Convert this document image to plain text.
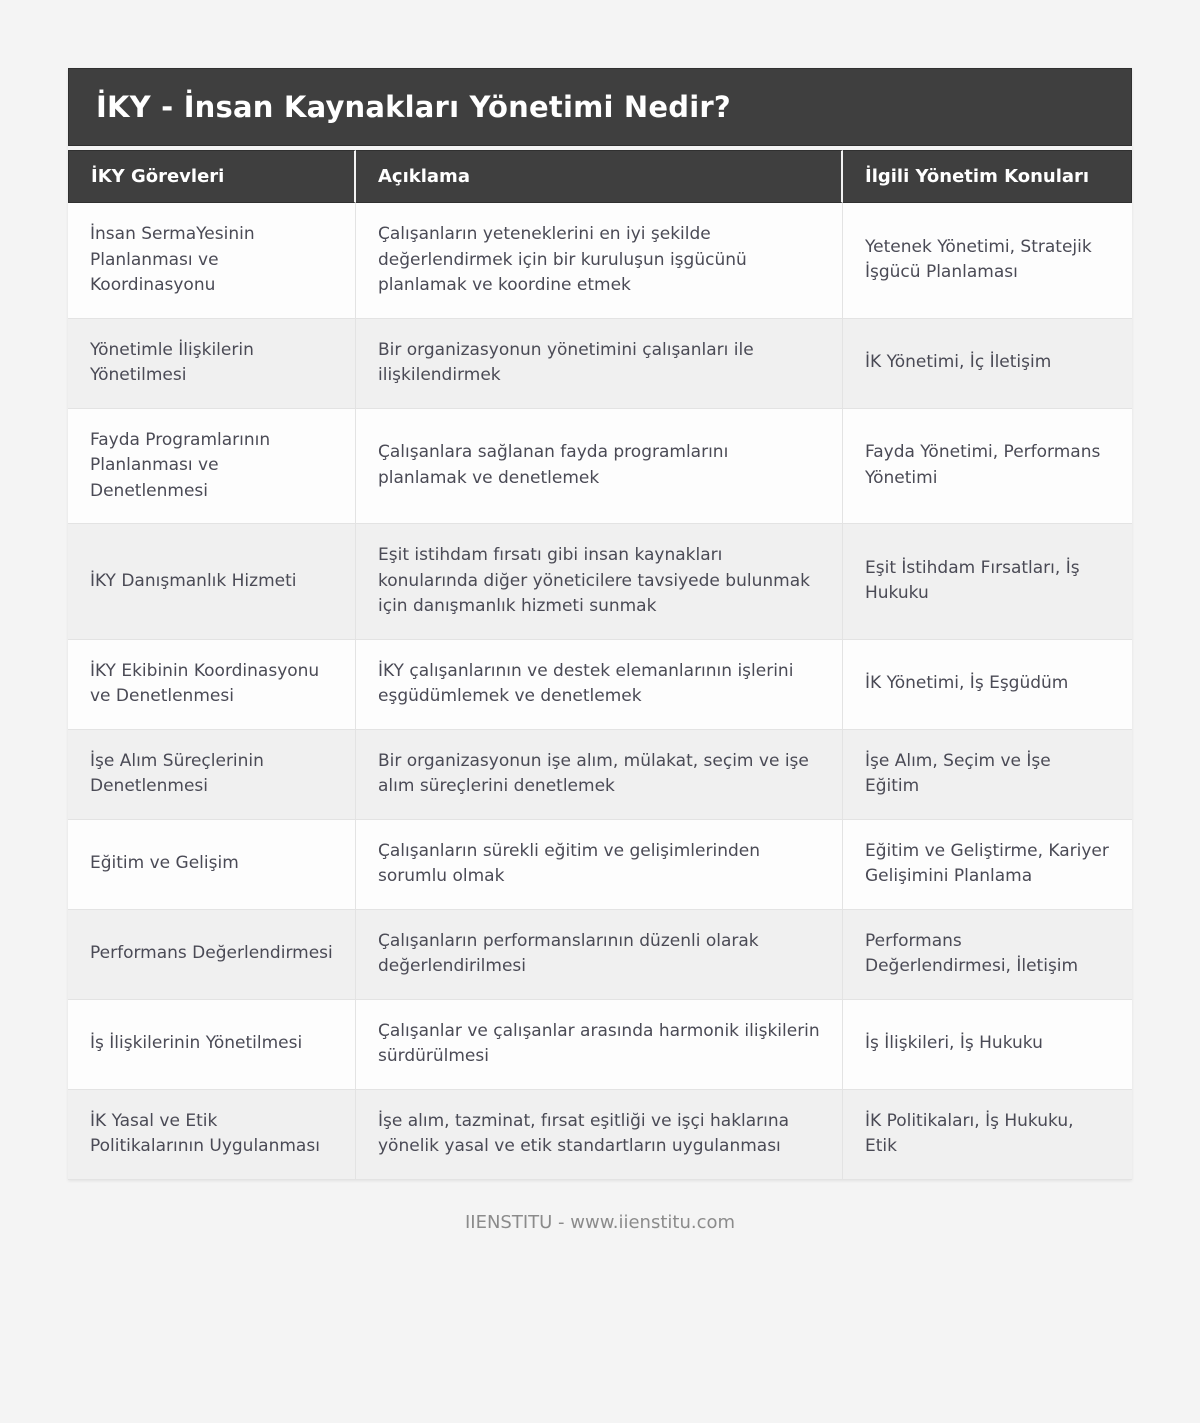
İKY - İnsan Kaynakları Yönetimi Nedir?
İKY Görevleri	Açıklama	İlgili Yönetim Konuları
İnsan SermaYesinin Planlanması ve Koordinasyonu	Çalışanların yeteneklerini en iyi şekilde değerlendirmek için bir kuruluşun işgücünü planlamak ve koordine etmek	Yetenek Yönetimi, Stratejik İşgücü Planlaması
Yönetimle İlişkilerin Yönetilmesi	Bir organizasyonun yönetimini çalışanları ile ilişkilendirmek	İK Yönetimi, İç İletişim
Fayda Programlarının Planlanması ve Denetlenmesi	Çalışanlara sağlanan fayda programlarını planlamak ve denetlemek	Fayda Yönetimi, Performans Yönetimi
İKY Danışmanlık Hizmeti	Eşit istihdam fırsatı gibi insan kaynakları konularında diğer yöneticilere tavsiyede bulunmak için danışmanlık hizmeti sunmak	Eşit İstihdam Fırsatları, İş Hukuku
İKY Ekibinin Koordinasyonu ve Denetlenmesi	İKY çalışanlarının ve destek elemanlarının işlerini eşgüdümlemek ve denetlemek	İK Yönetimi, İş Eşgüdüm
İşe Alım Süreçlerinin Denetlenmesi	Bir organizasyonun işe alım, mülakat, seçim ve işe alım süreçlerini denetlemek	İşe Alım, Seçim ve İşe Eğitim
Eğitim ve Gelişim	Çalışanların sürekli eğitim ve gelişimlerinden sorumlu olmak	Eğitim ve Geliştirme, Kariyer Gelişimini Planlama
Performans Değerlendirmesi	Çalışanların performanslarının düzenli olarak değerlendirilmesi	Performans Değerlendirmesi, İletişim
İş İlişkilerinin Yönetilmesi	Çalışanlar ve çalışanlar arasında harmonik ilişkilerin sürdürülmesi	İş İlişkileri, İş Hukuku
İK Yasal ve Etik Politikalarının Uygulanması	İşe alım, tazminat, fırsat eşitliği ve işçi haklarına yönelik yasal ve etik standartların uygulanması	İK Politikaları, İş Hukuku, Etik
IIENSTITU - www.iienstitu.com
